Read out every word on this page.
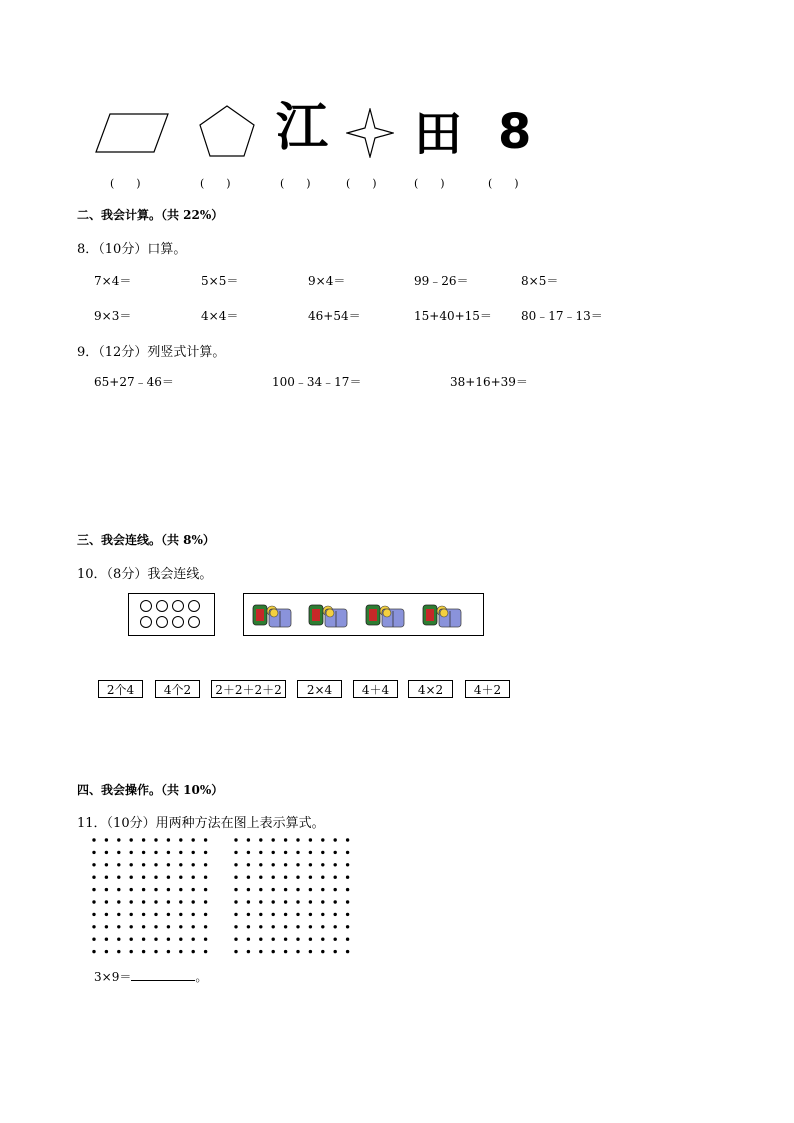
江 田 8
(　　)	(　　)	(　　)	(　　)	(　　)	(　　)
二、我会计算。（共 22%）
8．（10分）口算。
7×4＝	5×5＝	9×4＝	99﹣26＝	8×5＝
9×3＝	4×4＝	46+54＝	15+40+15＝ 80﹣17﹣13＝
9．（12分）列竖式计算。
65+27﹣46＝	100﹣34﹣17＝	38+16+39＝
三、我会连线。（共 8%）
10．（8分）我会连线。
2个4	4个2	2＋2＋2＋2	2×4	4＋4	4×2	4＋2
四、我会操作。（共 10%）
11．（10分）用两种方法在图上表示算式。
3×9＝	。
